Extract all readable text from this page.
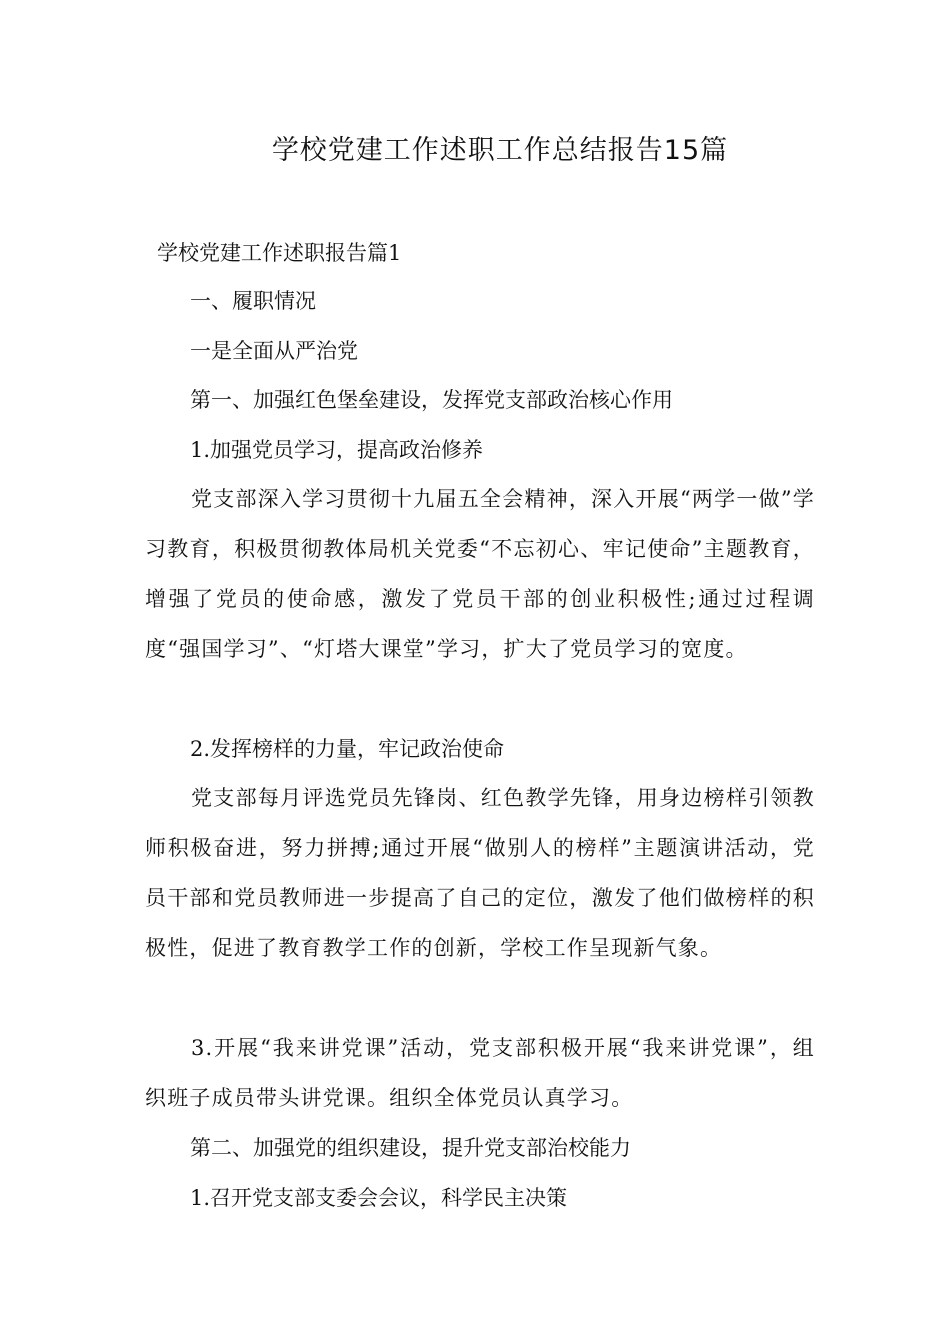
学校党建工作述职工作总结报告15篇
学校党建工作述职报告篇1
一、履职情况
一是全面从严治党
第一、加强红色堡垒建设，发挥党支部政治核心作用
1.加强党员学习，提高政治修养
党支部深入学习贯彻十九届五全会精神，深入开展“两学一做”学习教育，积极贯彻教体局机关党委“不忘初心、牢记使命”主题教育，增强了党员的使命感，激发了党员干部的创业积极性;通过过程调度“强国学习”、“灯塔大课堂”学习，扩大了党员学习的宽度。
2.发挥榜样的力量，牢记政治使命
党支部每月评选党员先锋岗、红色教学先锋，用身边榜样引领教师积极奋进，努力拼搏;通过开展“做别人的榜样”主题演讲活动，党员干部和党员教师进一步提高了自己的定位，激发了他们做榜样的积极性，促进了教育教学工作的创新，学校工作呈现新气象。
3.开展“我来讲党课”活动，党支部积极开展“我来讲党课”，组织班子成员带头讲党课。组织全体党员认真学习。
第二、加强党的组织建设，提升党支部治校能力
1.召开党支部支委会会议，科学民主决策
